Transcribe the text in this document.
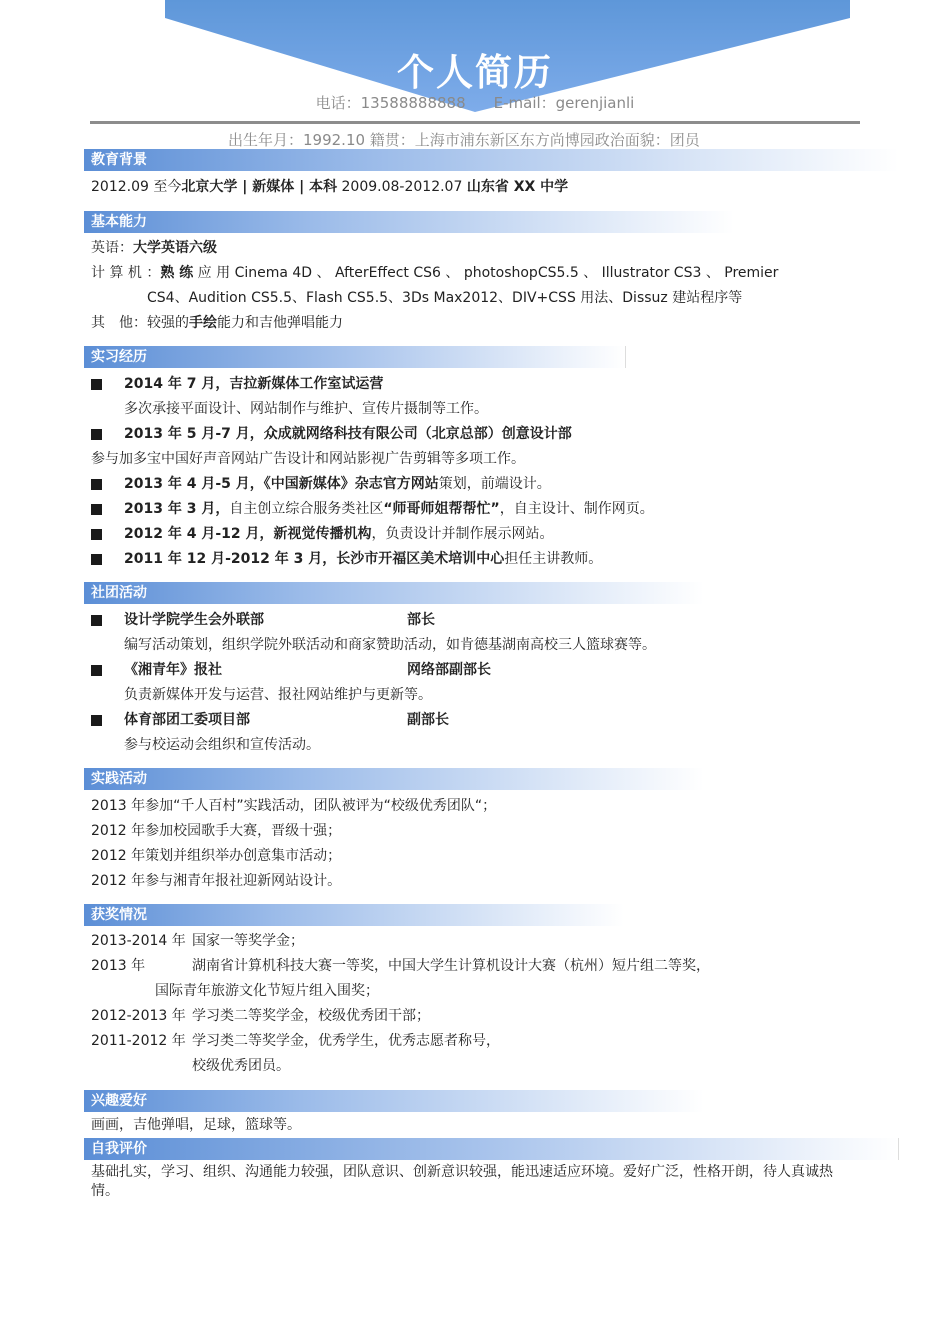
个人简历
电话：13588888888 E-mail：gerenjianli
出生年月：1992.10 籍贯：上海市浦东新区东方尚博园政治面貌：团员
教育背景
2012.09 至今北京大学 | 新媒体 | 本科 2009.08-2012.07 山东省 XX 中学
基本能力
英语：大学英语六级
计 算 机 ：熟 练 应 用 Cinema 4D 、 AfterEffect CS6 、 photoshopCS5.5 、 Illustrator CS3 、 Premier
CS4、Audition CS5.5、Flash CS5.5、3Ds Max2012、DIV+CSS 用法、Dissuz 建站程序等
其　他：较强的手绘能力和吉他弹唱能力
实习经历
2014 年 7 月，吉拉新媒体工作室试运营
多次承接平面设计、网站制作与维护、宣传片摄制等工作。
2013 年 5 月-7 月，众成就网络科技有限公司（北京总部）创意设计部
参与加多宝中国好声音网站广告设计和网站影视广告剪辑等多项工作。
2013 年 4 月-5 月，《中国新媒体》杂志官方网站策划，前端设计。
2013 年 3 月，自主创立综合服务类社区“师哥师姐帮帮忙”，自主设计、制作网页。
2012 年 4 月-12 月，新视觉传播机构，负责设计并制作展示网站。
2011 年 12 月-2012 年 3 月，长沙市开福区美术培训中心担任主讲教师。
社团活动
设计学院学生会外联部	部长
编写活动策划，组织学院外联活动和商家赞助活动，如肯德基湖南高校三人篮球赛等。
《湘青年》报社	网络部副部长
负责新媒体开发与运营、报社网站维护与更新等。
体育部团工委项目部	副部长
参与校运动会组织和宣传活动。
实践活动
2013 年参加“千人百村”实践活动，团队被评为“校级优秀团队“；
2012 年参加校园歌手大赛，晋级十强；
2012 年策划并组织举办创意集市活动；
2012 年参与湘青年报社迎新网站设计。
获奖情况
2013-2014 年 国家一等奖学金；
2013 年	湖南省计算机科技大赛一等奖，中国大学生计算机设计大赛（杭州）短片组二等奖，
国际青年旅游文化节短片组入围奖；
2012-2013 年 学习类二等奖学金，校级优秀团干部；
2011-2012 年 学习类二等奖学金，优秀学生，优秀志愿者称号，
校级优秀团员。
兴趣爱好
画画，吉他弹唱，足球，篮球等。
自我评价
基础扎实，学习、组织、沟通能力较强，团队意识、创新意识较强，能迅速适应环境。爱好广泛，性格开朗，待人真诚热
情。
